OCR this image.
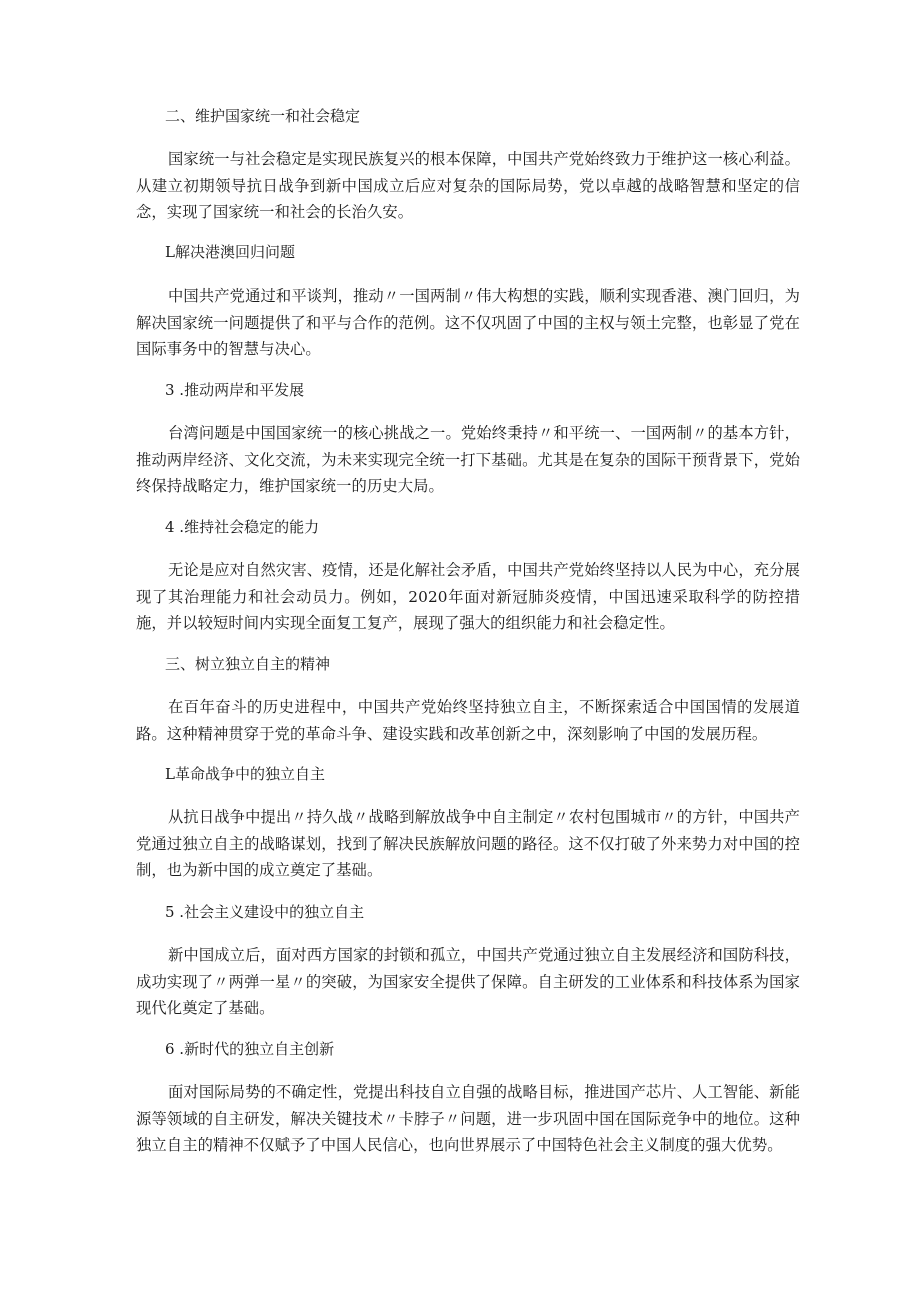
二、维护国家统一和社会稳定

国家统一与社会稳定是实现民族复兴的根本保障，中国共产党始终致力于维护这一核心利益。从建立初期领导抗日战争到新中国成立后应对复杂的国际局势，党以卓越的战略智慧和坚定的信念，实现了国家统一和社会的长治久安。

L解决港澳回归问题

中国共产党通过和平谈判，推动〃一国两制〃伟大构想的实践，顺利实现香港、澳门回归，为解决国家统一问题提供了和平与合作的范例。这不仅巩固了中国的主权与领土完整，也彰显了党在国际事务中的智慧与决心。

3 .推动两岸和平发展

台湾问题是中国国家统一的核心挑战之一。党始终秉持〃和平统一、一国两制〃的基本方针，推动两岸经济、文化交流，为未来实现完全统一打下基础。尤其是在复杂的国际干预背景下，党始终保持战略定力，维护国家统一的历史大局。

4 .维持社会稳定的能力

无论是应对自然灾害、疫情，还是化解社会矛盾，中国共产党始终坚持以人民为中心，充分展现了其治理能力和社会动员力。例如，2020年面对新冠肺炎疫情，中国迅速采取科学的防控措施，并以较短时间内实现全面复工复产，展现了强大的组织能力和社会稳定性。

三、树立独立自主的精神

在百年奋斗的历史进程中，中国共产党始终坚持独立自主，不断探索适合中国国情的发展道路。这种精神贯穿于党的革命斗争、建设实践和改革创新之中，深刻影响了中国的发展历程。

L革命战争中的独立自主

从抗日战争中提出〃持久战〃战略到解放战争中自主制定〃农村包围城市〃的方针，中国共产党通过独立自主的战略谋划，找到了解决民族解放问题的路径。这不仅打破了外来势力对中国的控制，也为新中国的成立奠定了基础。

5 .社会主义建设中的独立自主

新中国成立后，面对西方国家的封锁和孤立，中国共产党通过独立自主发展经济和国防科技，成功实现了〃两弹一星〃的突破，为国家安全提供了保障。自主研发的工业体系和科技体系为国家现代化奠定了基础。

6 .新时代的独立自主创新

面对国际局势的不确定性，党提出科技自立自强的战略目标，推进国产芯片、人工智能、新能源等领域的自主研发，解决关键技术〃卡脖子〃问题，进一步巩固中国在国际竞争中的地位。这种独立自主的精神不仅赋予了中国人民信心，也向世界展示了中国特色社会主义制度的强大优势。
